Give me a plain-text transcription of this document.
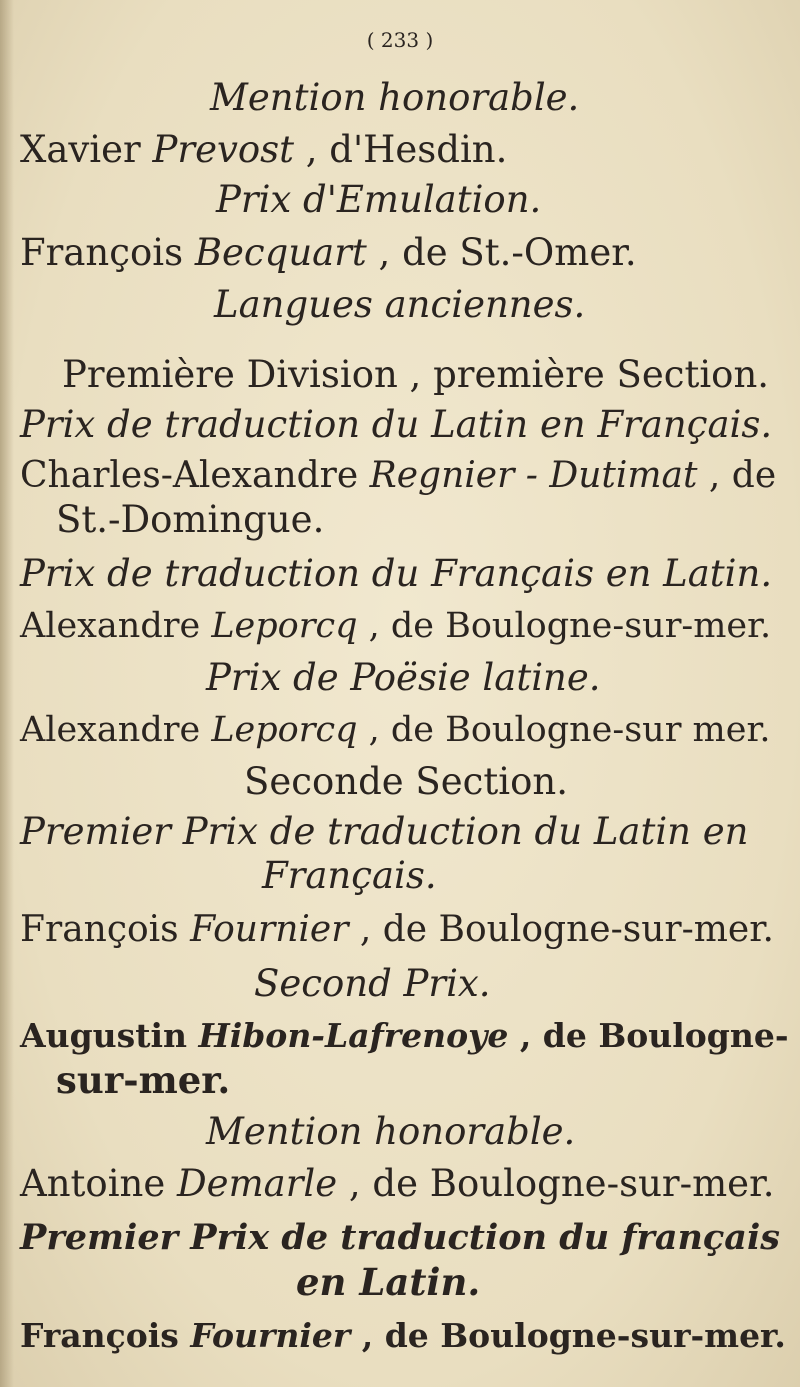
( 233 )
Mention honorable.
Xavier Prevost , d'Hesdin.
Prix d'Emulation.
François Becquart , de St.-Omer.
Langues anciennes.
Première Division , première Section.
Prix de traduction du Latin en Français.
Charles-Alexandre Regnier - Dutimat , de
St.-Domingue.
Prix de traduction du Français en Latin.
Alexandre Leporcq , de Boulogne-sur-mer.
Prix de Poësie latine.
Alexandre Leporcq , de Boulogne-sur mer.
Seconde Section.
Premier Prix de traduction du Latin en
Français.
François Fournier , de Boulogne-sur-mer.
Second Prix.
Augustin Hibon-Lafrenoye , de Boulogne-
sur-mer.
Mention honorable.
Antoine Demarle , de Boulogne-sur-mer.
Premier Prix de traduction du français
en Latin.
François Fournier , de Boulogne-sur-mer.
